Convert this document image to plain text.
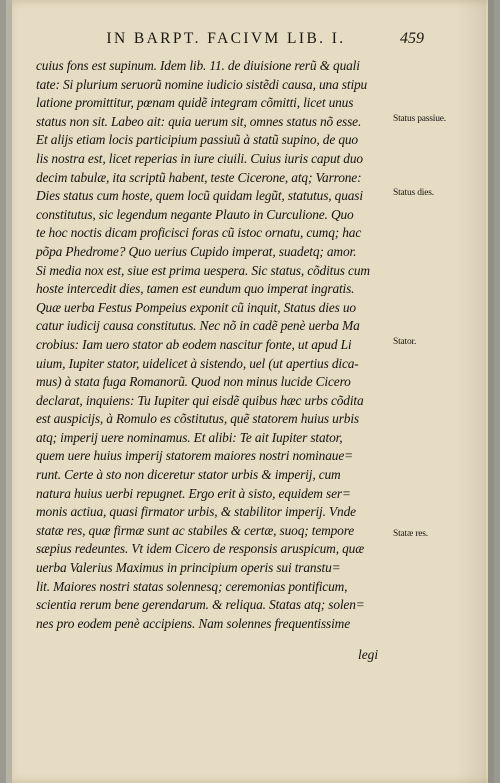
IN BARPT. FACIVM LIB. I.	459
cuius fons est supinum. Idem lib. 11. de diuisione rerũ & quali
tate: Si plurium seruorũ nomine iudicio sistẽdi causa, una stipu
latione promittitur, pœnam quidẽ integram cõmitti, licet unus
status non sit. Labeo ait: quia uerum sit, omnes status nõ esse.
Et alijs etiam locis participium passiuũ à statũ supino, de quo
lis nostra est, licet reperias in iure ciuili. Cuius iuris caput duo
decim tabulæ, ita scriptũ habent, teste Cicerone, atq; Varrone:
Dies status cum hoste, quem locũ quidam legũt, statutus, quasi
constitutus, sic legendum negante Plauto in Curculione. Quo
te hoc noctis dicam proficisci foras cũ istoc ornatu, cumq; hac
põpa Phedrome? Quo uerius Cupido imperat, suadetq; amor.
Si media nox est, siue est prima uespera. Sic status, cõditus cum
hoste intercedit dies, tamen est eundum quo imperat ingratis.
Quæ uerba Festus Pompeius exponit cũ inquit, Status dies uo
catur iudicij causa constitutus. Nec nõ in cadẽ penè uerba Ma
crobius: Iam uero stator ab eodem nascitur fonte, ut apud Li
uium, Iupiter stator, uidelicet à sistendo, uel (ut apertius dica-
mus) à stata fuga Romanorũ. Quod non minus lucide Cicero
declarat, inquiens: Tu Iupiter qui eisdẽ quibus hæc urbs cõdita
est auspicijs, à Romulo es cõstitutus, quẽ statorem huius urbis
atq; imperij uere nominamus. Et alibi: Te ait Iupiter stator,
quem uere huius imperij statorem maiores nostri nominaue=
runt. Certe à sto non diceretur stator urbis & imperij, cum
natura huius uerbi repugnet. Ergo erit à sisto, equidem ser=
monis actiua, quasi firmator urbis, & stabilitor imperij. Vnde
statæ res, quæ firmæ sunt ac stabiles & certæ, suoq; tempore
sæpius redeuntes. Vt idem Cicero de responsis aruspicum, quæ
uerba Valerius Maximus in principium operis sui transtu=
lit. Maiores nostri statas solennesq; ceremonias pontificum,
scientia rerum bene gerendarum. & reliqua. Statas atq; solen=
nes pro eodem penè accipiens. Nam solennes frequentissime
Status passiue.
Status dies.
Stator.
Statæ res.
legi
